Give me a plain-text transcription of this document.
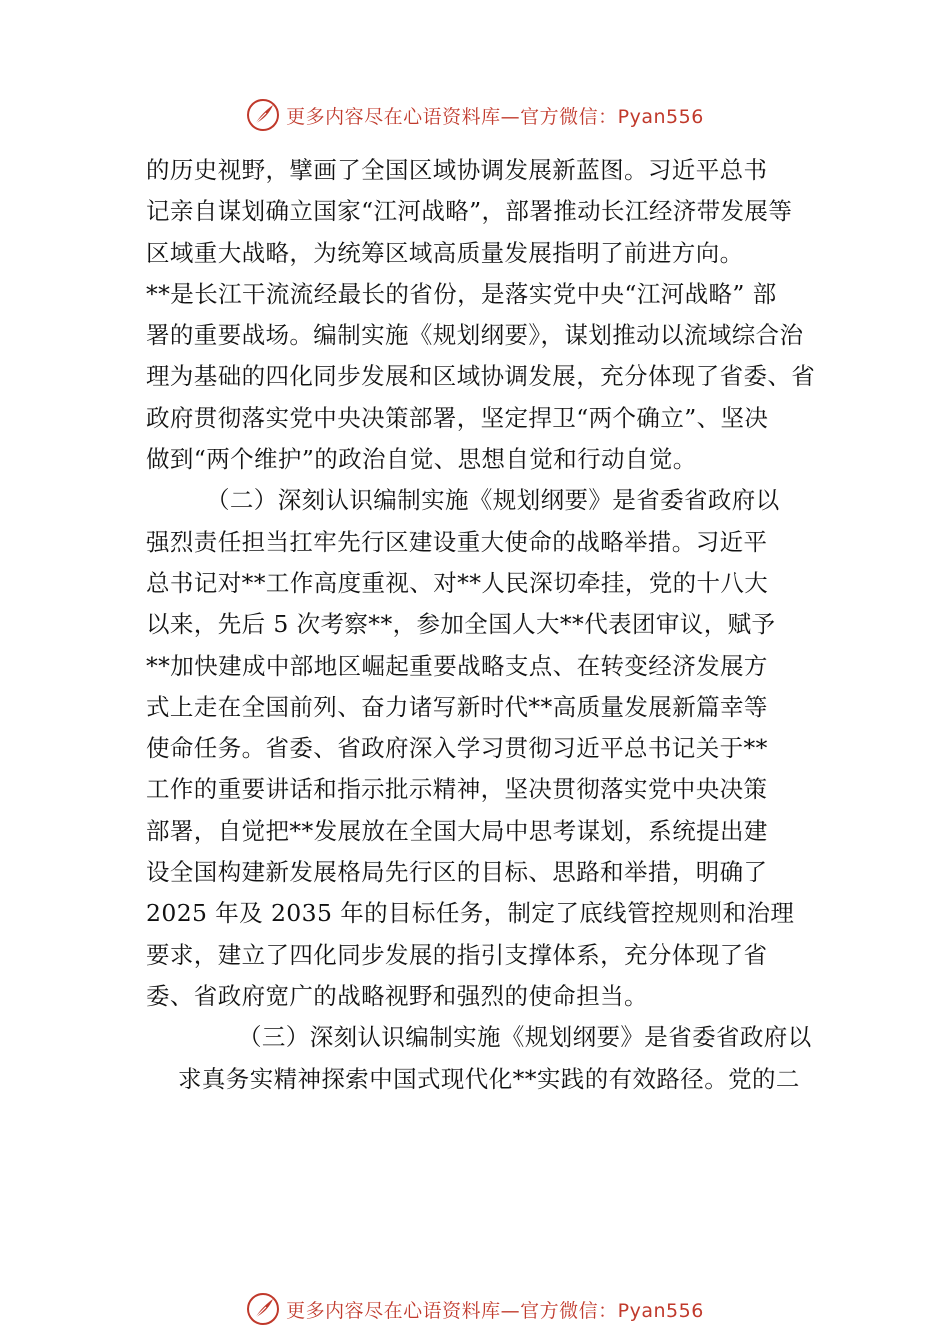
更多内容尽在心语资料库—官方微信：Pyan556

的历史视野，擘画了全国区域协调发展新蓝图。习近平总书
记亲自谋划确立国家“江河战略”，部署推动长江经济带发展等
区域重大战略，为统筹区域高质量发展指明了前进方向。

**是长江干流流经最长的省份，是落实党中央“江河战略” 部
署的重要战场。编制实施《规划纲要》，谋划推动以流域综合治
理为基础的四化同步发展和区域协调发展，充分体现了省委、省
政府贯彻落实党中央决策部署，坚定捍卫“两个确立”、坚决
做到“两个维护”的政治自觉、思想自觉和行动自觉。

（二）深刻认识编制实施《规划纲要》是省委省政府以
强烈责任担当扛牢先行区建设重大使命的战略举措。习近平
总书记对**工作高度重视、对**人民深切牵挂，党的十八大
以来，先后 5 次考察**，参加全国人大**代表团审议，赋予
**加快建成中部地区崛起重要战略支点、在转变经济发展方
式上走在全国前列、奋力诸写新时代**高质量发展新篇幸等
使命任务。省委、省政府深入学习贯彻习近平总书记关于**
工作的重要讲话和指示批示精神，坚决贯彻落实党中央决策
部署，自觉把**发展放在全国大局中思考谋划，系统提出建
设全国构建新发展格局先行区的目标、思路和举措，明确了
2025 年及 2035 年的目标任务，制定了底线管控规则和治理
要求，建立了四化同步发展的指引支撑体系，充分体现了省
委、省政府宽广的战略视野和强烈的使命担当。

（三）深刻认识编制实施《规划纲要》是省委省政府以
求真务实精神探索中国式现代化**实践的有效路径。党的二

更多内容尽在心语资料库—官方微信：Pyan556
